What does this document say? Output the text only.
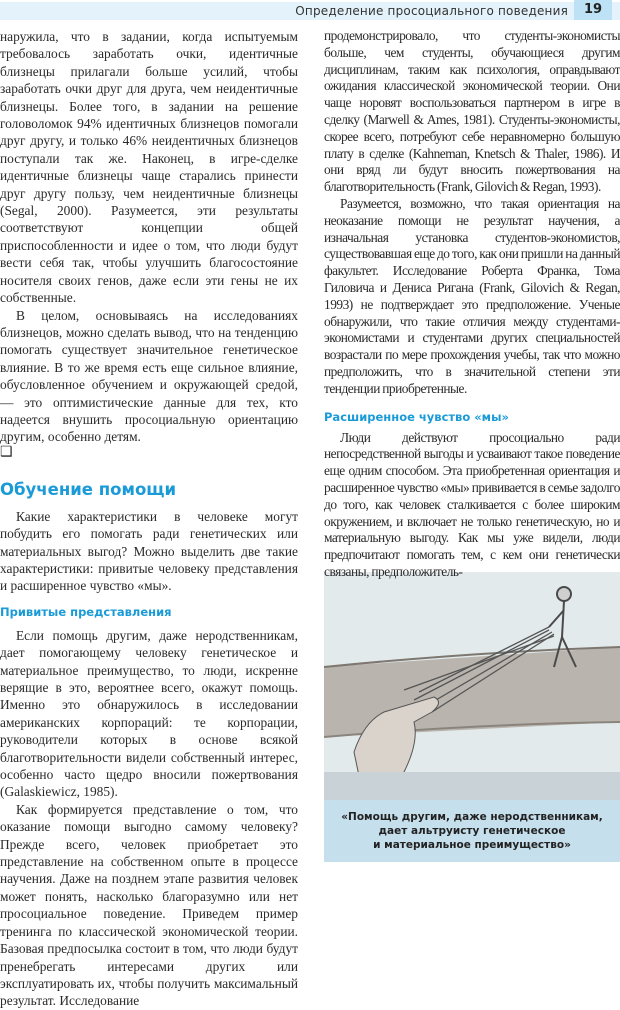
Определение просоциального поведения	19

наружила, что в задании, когда испытуемым требовалось заработать очки, идентичные близнецы прилагали больше усилий, чтобы заработать очки друг для друга, чем неидентичные близнецы. Более того, в задании на решение головоломок 94% идентичных близнецов помогали друг другу, и только 46% неидентичных близнецов поступали так же. Наконец, в игре-сделке идентичные близнецы чаще старались принести друг другу пользу, чем неидентичные близнецы (Segal, 2000). Разумеется, эти результаты соответствуют концепции общей приспособленности и идее о том, что люди будут вести себя так, чтобы улучшить благосостояние носителя своих генов, даже если эти гены не их собственные.

В целом, основываясь на исследованиях близнецов, можно сделать вывод, что на тенденцию помогать существует значительное генетическое влияние. В то же время есть еще сильное влияние, обусловленное обучением и окружающей средой, — это оптимистические данные для тех, кто надеется внушить просоциальную ориентацию другим, особенно детям.

❑
Обучение помощи

Какие характеристики в человеке могут побудить его помогать ради генетических или материальных выгод? Можно выделить две такие характеристики: привитые человеку представления и расширенное чувство «мы».

Привитые представления

Если помощь другим, даже неродственникам, дает помогающему человеку генетическое и материальное преимущество, то люди, искренне верящие в это, вероятнее всего, окажут помощь. Именно это обнаружилось в исследовании американских корпораций: те корпорации, руководители которых в основе всякой благотворительности видели собственный интерес, особенно часто щедро вносили пожертвования (Galaskiewicz, 1985).

Как формируется представление о том, что оказание помощи выгодно самому человеку? Прежде всего, человек приобретает это представление на собственном опыте в процессе научения. Даже на позднем этапе развития человек может понять, насколько благоразумно или нет просоциальное поведение. Приведем пример тренинга по классической экономической теории. Базовая предпосылка состоит в том, что люди будут пренебрегать интересами других или эксплуатировать их, чтобы получить максимальный результат. Исследование

продемонстрировало, что студенты-экономисты больше, чем студенты, обучающиеся другим дисциплинам, таким как психология, оправдывают ожидания классической экономической теории. Они чаще норовят воспользоваться партнером в игре в сделку (Marwell & Ames, 1981). Студенты-экономисты, скорее всего, потребуют себе неравномерно большую плату в сделке (Kahneman, Knetsch & Thaler, 1986). И они вряд ли будут вносить пожертвования на благотворительность (Frank, Gilovich & Regan, 1993).

Разумеется, возможно, что такая ориентация на неоказание помощи не результат научения, а изначальная установка студентов-экономистов, существовавшая еще до того, как они пришли на данный факультет. Исследование Роберта Франка, Тома Гиловича и Дениса Ригана (Frank, Gilovich & Regan, 1993) не подтверждает это предположение. Ученые обнаружили, что такие отличия между студентами-экономистами и студентами других специальностей возрастали по мере прохождения учебы, так что можно предположить, что в значительной степени эти тенденции приобретенные.

Расширенное чувство «мы»

Люди действуют просоциально ради непосредственной выгоды и усваивают такое поведение еще одним способом. Эта приобретенная ориентация и расширенное чувство «мы» прививается в семье задолго до того, как человек сталкивается с более широким окружением, и включает не только генетическую, но и материальную выгоду. Как мы уже видели, люди предпочитают помогать тем, с кем они генетически связаны, предположитель-

«Помощь другим, даже неродственникам,
дает альтруисту генетическое
и материальное преимущество»
